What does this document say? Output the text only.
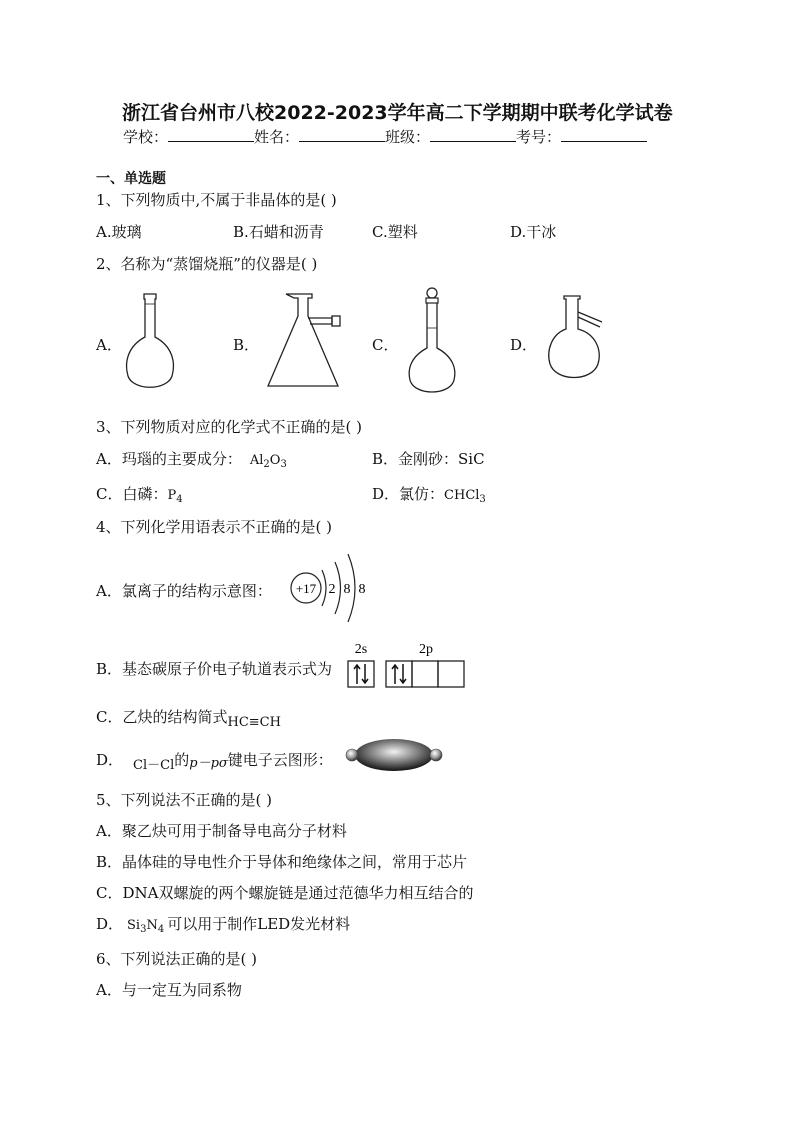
浙江省台州市八校2022-2023学年高二下学期期中联考化学试卷
学校：	姓名：	班级：	考号：
一、单选题
1、下列物质中,不属于非晶体的是( )
A.玻璃	B.石蜡和沥青	C.塑料	D.干冰
2、名称为“蒸馏烧瓶”的仪器是( )
A．	B．	C．	D．
3、下列物质对应的化学式不正确的是( )
A．玛瑙的主要成分： $Al_2O_3$	B．金刚砂：SiC
C．白磷：$P_4$	D．氯仿：CHCl$_3$
4、下列化学用语表示不正确的是( )
A．氯离子的结构示意图： +17 2 8 8
B．基态碳原子价电子轨道表示式为
2s	2p
C．乙炔的结构简式HC≡CH
D． Cl－Cl的p－pσ键电子云图形：
5、下列说法不正确的是( )
A．聚乙炔可用于制备导电高分子材料
B．晶体硅的导电性介于导体和绝缘体之间，常用于芯片
C．DNA双螺旋的两个螺旋链是通过范德华力相互结合的
D． $Si_3N_4$ 可以用于制作LED发光材料
6、下列说法正确的是( )
A．与一定互为同系物
